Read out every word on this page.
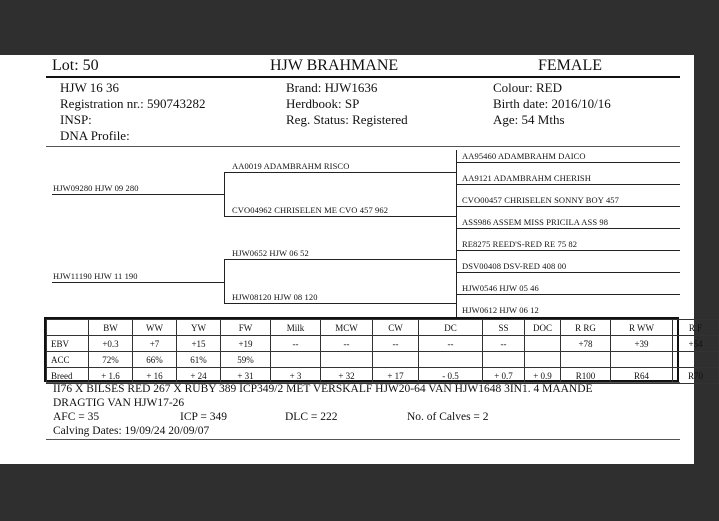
Lot: 50	HJW BRAHMANE	FEMALE
HJW 16 36
Registration nr.: 590743282
INSP:
DNA Profile:
Brand: HJW1636
Herdbook: SP
Reg. Status: Registered
Colour: RED
Birth date: 2016/10/16
Age: 54 Mths
HJW09280 HJW 09 280
HJW11190 HJW 11 190
AA0019 ADAMBRAHM RISCO
CVO04962 CHRISELEN ME CVO 457 962
HJW0652 HJW 06 52
HJW08120 HJW 08 120
AA95460 ADAMBRAHM DAICO
AA9121 ADAMBRAHM CHERISH
CVO00457 CHRISELEN SONNY BOY 457
ASS986 ASSEM MISS PRICILA ASS 98
RE8275 REED'S-RED RE 75 82
DSV00408 DSV-RED 408 00
HJW0546 HJW 05 46
HJW0612 HJW 06 12
	BW	WW	YW	FW	Milk	MCW	CW	DC	SS	DOC	R RG	R WW	R F
EBV	+0.3	+7	+15	+19	--	--	--	--	--		+78	+39	+54
ACC	72%	66%	61%	59%									
Breed	+ 1.6	+ 16	+ 24	+ 31	+ 3	+ 32	+ 17	- 0.5	+ 0.7	+ 0.9	R100	R64	R70
II76 X BILSES RED 267 X RUBY 389 ICP349/2 MET VERSKALF HJW20-64 VAN HJW1648 3IN1. 4 MAANDE
DRAGTIG VAN HJW17-26
AFC = 35	ICP = 349	DLC = 222	No. of Calves = 2
Calving Dates: 19/09/24 20/09/07
